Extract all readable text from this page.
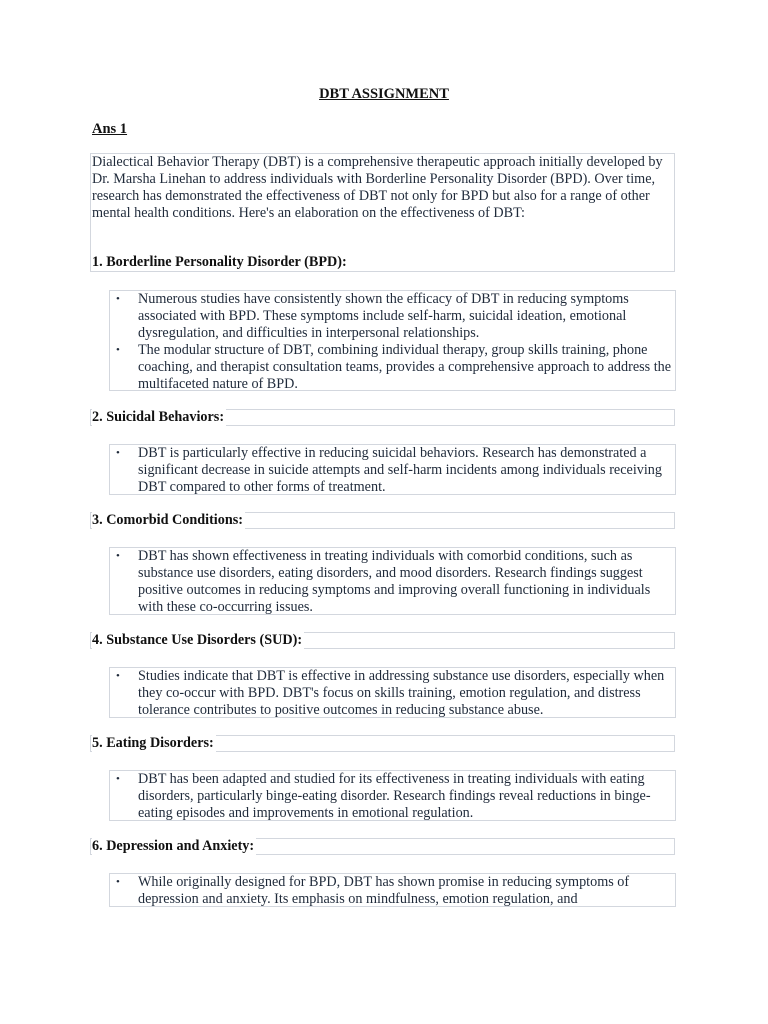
DBT ASSIGNMENT
Ans 1

Dialectical Behavior Therapy (DBT) is a comprehensive therapeutic approach initially developed by Dr. Marsha Linehan to address individuals with Borderline Personality Disorder (BPD). Over time, research has demonstrated the effectiveness of DBT not only for BPD but also for a range of other mental health conditions. Here's an elaboration on the effectiveness of DBT:

1. Borderline Personality Disorder (BPD):
• Numerous studies have consistently shown the efficacy of DBT in reducing symptoms associated with BPD. These symptoms include self-harm, suicidal ideation, emotional dysregulation, and difficulties in interpersonal relationships.
• The modular structure of DBT, combining individual therapy, group skills training, phone coaching, and therapist consultation teams, provides a comprehensive approach to address the multifaceted nature of BPD.
2. Suicidal Behaviors:
• DBT is particularly effective in reducing suicidal behaviors. Research has demonstrated a significant decrease in suicide attempts and self-harm incidents among individuals receiving DBT compared to other forms of treatment.
3. Comorbid Conditions:
• DBT has shown effectiveness in treating individuals with comorbid conditions, such as substance use disorders, eating disorders, and mood disorders. Research findings suggest positive outcomes in reducing symptoms and improving overall functioning in individuals with these co-occurring issues.
4. Substance Use Disorders (SUD):
• Studies indicate that DBT is effective in addressing substance use disorders, especially when they co-occur with BPD. DBT's focus on skills training, emotion regulation, and distress tolerance contributes to positive outcomes in reducing substance abuse.
5. Eating Disorders:
• DBT has been adapted and studied for its effectiveness in treating individuals with eating disorders, particularly binge-eating disorder. Research findings reveal reductions in binge-eating episodes and improvements in emotional regulation.
6. Depression and Anxiety:
• While originally designed for BPD, DBT has shown promise in reducing symptoms of depression and anxiety. Its emphasis on mindfulness, emotion regulation, and
